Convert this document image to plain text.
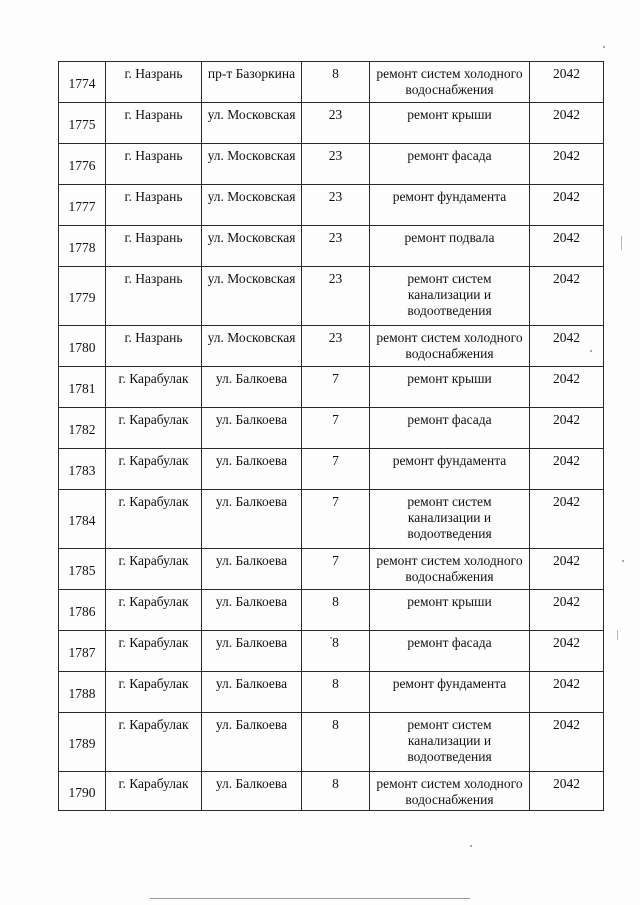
1774	г. Назрань	пр-т Базоркина	8	ремонт систем холодного водоснабжения	2042
1775	г. Назрань	ул. Московская	23	ремонт крыши	2042
1776	г. Назрань	ул. Московская	23	ремонт фасада	2042
1777	г. Назрань	ул. Московская	23	ремонт фундамента	2042
1778	г. Назрань	ул. Московская	23	ремонт подвала	2042
1779	г. Назрань	ул. Московская	23	ремонт систем канализации и водоотведения	2042
1780	г. Назрань	ул. Московская	23	ремонт систем холодного водоснабжения	2042
1781	г. Карабулак	ул. Балкоева	7	ремонт крыши	2042
1782	г. Карабулак	ул. Балкоева	7	ремонт фасада	2042
1783	г. Карабулак	ул. Балкоева	7	ремонт фундамента	2042
1784	г. Карабулак	ул. Балкоева	7	ремонт систем канализации и водоотведения	2042
1785	г. Карабулак	ул. Балкоева	7	ремонт систем холодного водоснабжения	2042
1786	г. Карабулак	ул. Балкоева	8	ремонт крыши	2042
1787	г. Карабулак	ул. Балкоева	8	ремонт фасада	2042
1788	г. Карабулак	ул. Балкоева	8	ремонт фундамента	2042
1789	г. Карабулак	ул. Балкоева	8	ремонт систем канализации и водоотведения	2042
1790	г. Карабулак	ул. Балкоева	8	ремонт систем холодного водоснабжения	2042
